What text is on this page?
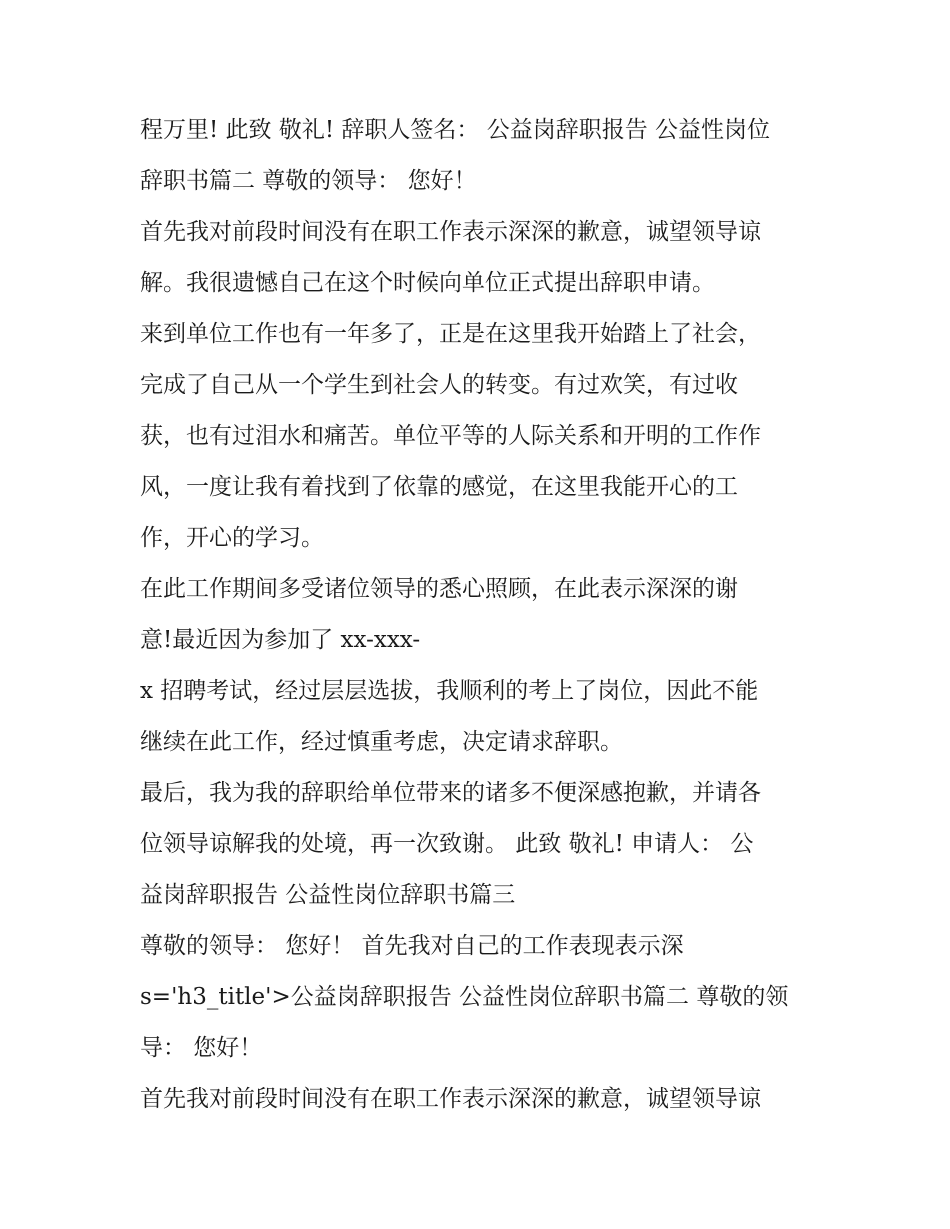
程万里! 此致 敬礼! 辞职人签名： 公益岗辞职报告 公益性岗位
辞职书篇二 尊敬的领导： 您好！
首先我对前段时间没有在职工作表示深深的歉意，诚望领导谅
解。我很遗憾自己在这个时候向单位正式提出辞职申请。
来到单位工作也有一年多了，正是在这里我开始踏上了社会，
完成了自己从一个学生到社会人的转变。有过欢笑，有过收
获，也有过泪水和痛苦。单位平等的人际关系和开明的工作作
风，一度让我有着找到了依靠的感觉，在这里我能开心的工
作，开心的学习。
在此工作期间多受诸位领导的悉心照顾，在此表示深深的谢
意!最近因为参加了 xx-xxx-
x 招聘考试，经过层层选拔，我顺利的考上了岗位，因此不能
继续在此工作，经过慎重考虑，决定请求辞职。
最后，我为我的辞职给单位带来的诸多不便深感抱歉，并请各
位领导谅解我的处境，再一次致谢。 此致 敬礼! 申请人： 公
益岗辞职报告 公益性岗位辞职书篇三
尊敬的领导： 您好！ 首先我对自己的工作表现表示深
s='h3_title'>公益岗辞职报告 公益性岗位辞职书篇二 尊敬的领
导： 您好！
首先我对前段时间没有在职工作表示深深的歉意，诚望领导谅
